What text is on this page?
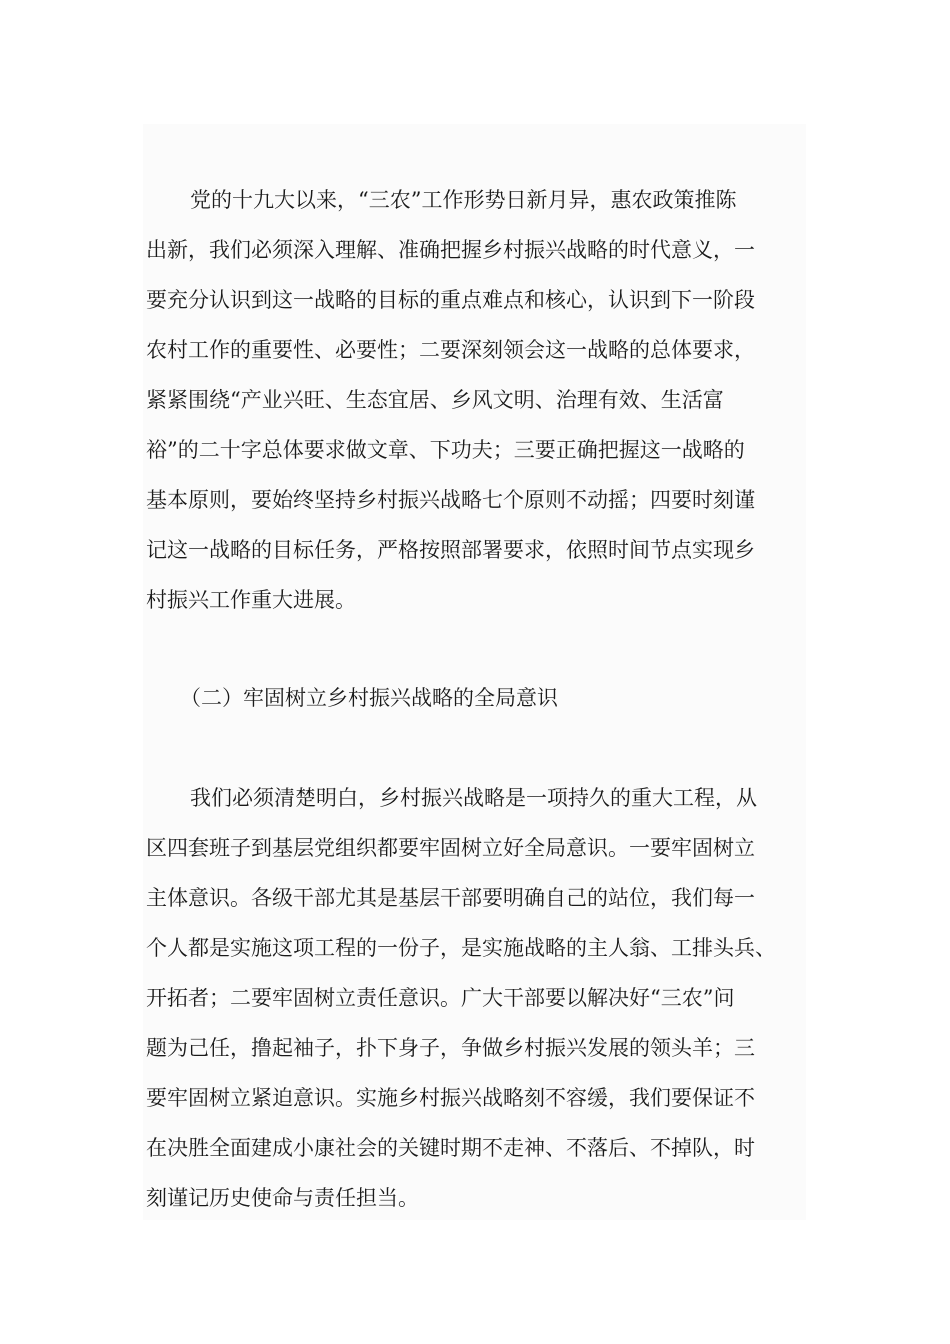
党的十九大以来，“三农”工作形势日新月异，惠农政策推陈
出新，我们必须深入理解、准确把握乡村振兴战略的时代意义，一
要充分认识到这一战略的目标的重点难点和核心，认识到下一阶段
农村工作的重要性、必要性；二要深刻领会这一战略的总体要求，
紧紧围绕“产业兴旺、生态宜居、乡风文明、治理有效、生活富
裕”的二十字总体要求做文章、下功夫；三要正确把握这一战略的
基本原则，要始终坚持乡村振兴战略七个原则不动摇；四要时刻谨
记这一战略的目标任务，严格按照部署要求，依照时间节点实现乡
村振兴工作重大进展。
（二）牢固树立乡村振兴战略的全局意识
我们必须清楚明白，乡村振兴战略是一项持久的重大工程，从
区四套班子到基层党组织都要牢固树立好全局意识。一要牢固树立
主体意识。各级干部尤其是基层干部要明确自己的站位，我们每一
个人都是实施这项工程的一份子，是实施战略的主人翁、工排头兵、
开拓者；二要牢固树立责任意识。广大干部要以解决好“三农”问
题为己任，撸起袖子，扑下身子，争做乡村振兴发展的领头羊；三
要牢固树立紧迫意识。实施乡村振兴战略刻不容缓，我们要保证不
在决胜全面建成小康社会的关键时期不走神、不落后、不掉队，时
刻谨记历史使命与责任担当。
